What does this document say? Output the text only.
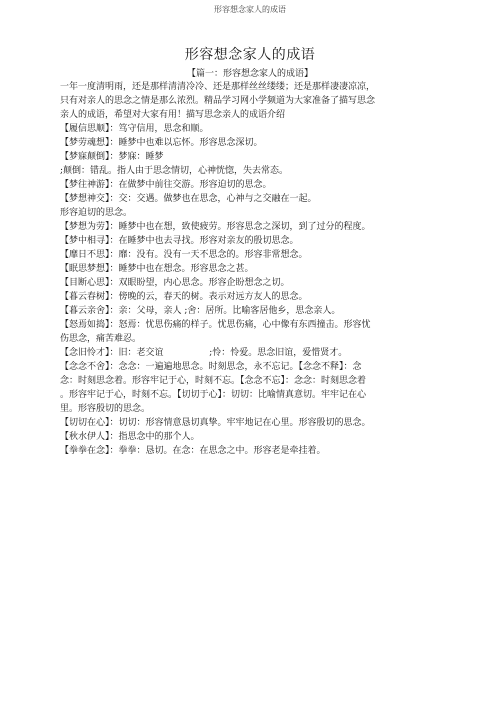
形容想念家人的成语
形容想念家人的成语
【篇一：形容想念家人的成语】

一年一度清明雨，还是那样清清冷冷、还是那样丝丝缕缕；还是那样凄凄凉凉，

只有对亲人的思念之情是那么浓烈。精品学习网小学频道为大家准备了描写思念

亲人的成语，希望对大家有用！描写思念亲人的成语介绍

【履信思顺】：笃守信用，思念和顺。

【梦劳魂想】：睡梦中也难以忘怀。形容思念深切。

【梦寐颠倒】：梦寐：睡梦

;颠倒：错乱。指人由于思念情切，心神恍惚，失去常态。

【梦往神游】：在做梦中前往交游。形容迫切的思念。

【梦想神交】：交：交遇。做梦也在思念，心神与之交融在一起。

形容迫切的思念。

【梦想为劳】：睡梦中也在想，致使疲劳。形容思念之深切，到了过分的程度。

【梦中相寻】：在睡梦中也去寻找。形容对亲友的殷切思念。

【靡日不思】：靡：没有。没有一天不思念的。形容非常想念。

【眠思梦想】：睡梦中也在想念。形容思念之甚。

【目断心思】：双眼盼望，内心思念。形容企盼想念之切。

【暮云春树】：傍晚的云，春天的树。表示对远方友人的思念。

【暮云亲舍】：亲：父母，亲人 ;舍：居所。比喻客居他乡，思念亲人。

【怒焉如捣】：怒焉：忧思伤痛的样子。忧思伤痛，心中像有东西撞击。形容忧

伤思念，痛苦难忍。

【念旧怜才】：旧：老交谊                ;怜：怜爱。思念旧谊，爱惜贤才。

【念念不舍】：念念：一遍遍地思念。时刻思念，永不忘记。【念念不释】：念

念：时刻思念着。形容牢记于心，时刻不忘。【念念不忘】：念念：时刻思念着

。形容牢记于心，时刻不忘。【切切于心】：切切：比喻情真意切。牢牢记在心

里。形容殷切的思念。

【切切在心】：切切：形容情意恳切真挚。牢牢地记在心里。形容殷切的思念。

【秋水伊人】：指思念中的那个人。

【拳拳在念】：拳拳：恳切。在念：在思念之中。形容老是牵挂着。
